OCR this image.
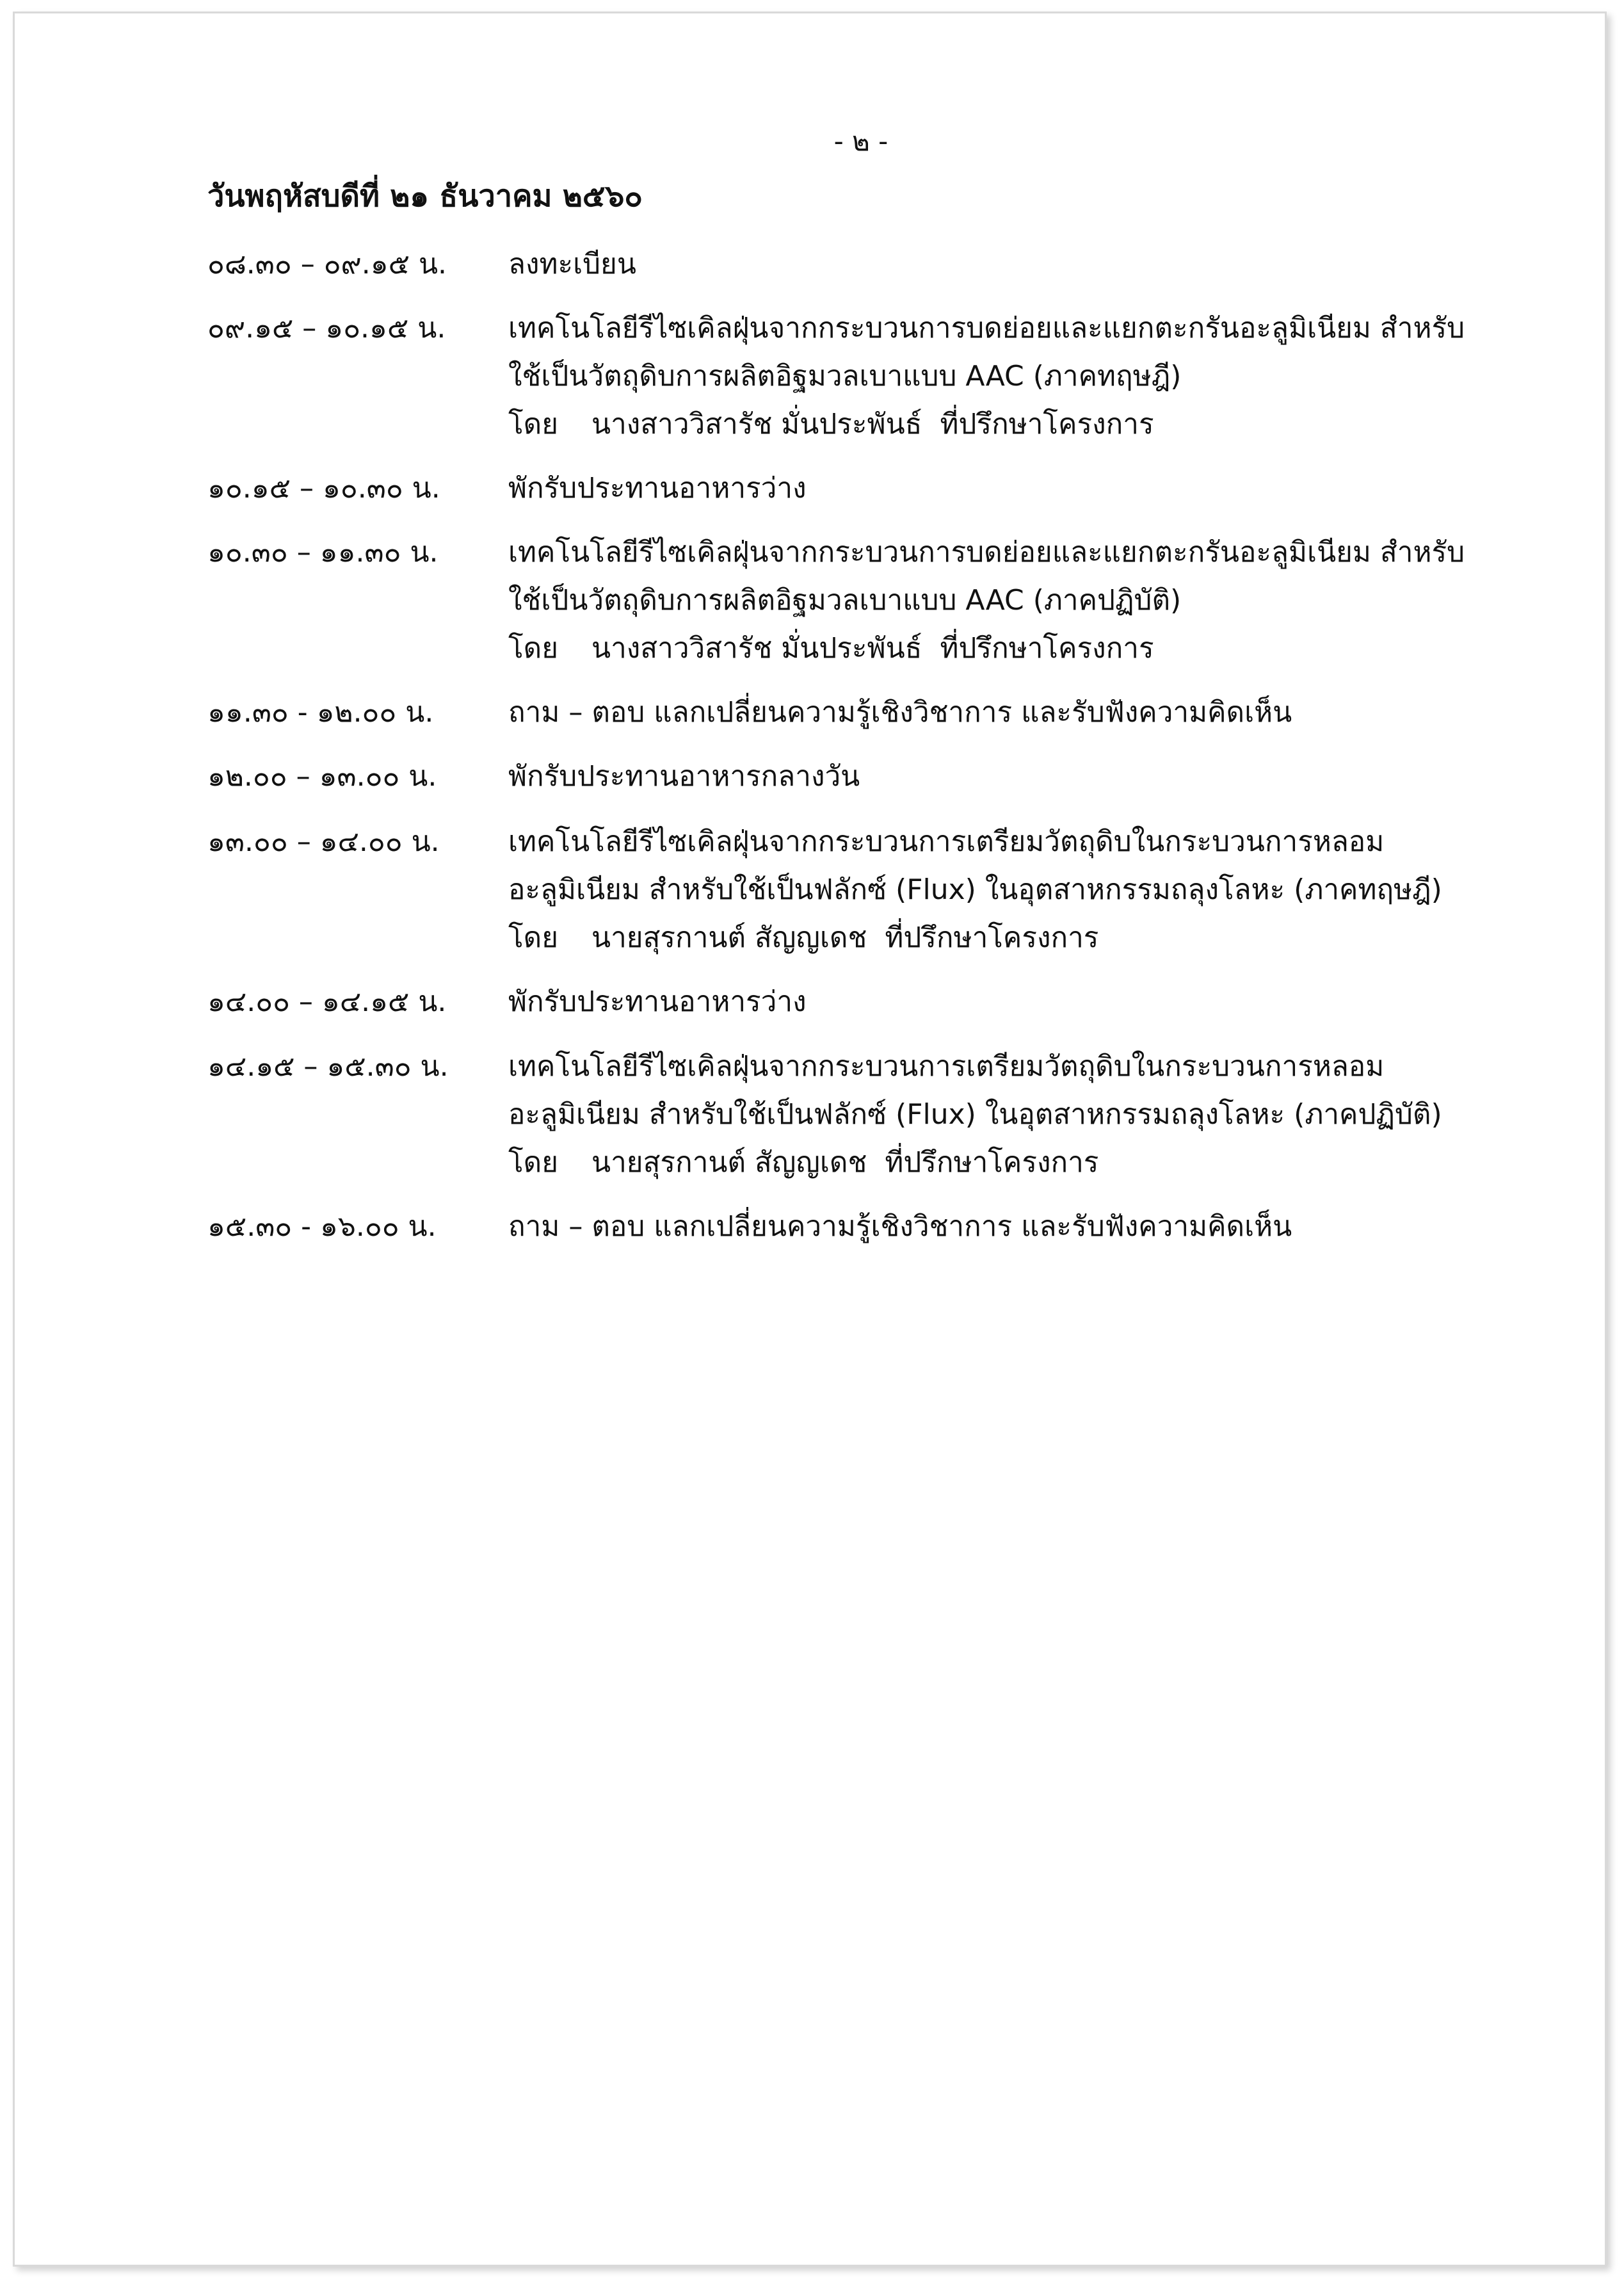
- ๒ -
วันพฤหัสบดีที่ ๒๑ ธันวาคม ๒๕๖๐
๐๘.๓๐ – ๐๙.๑๕ น.	ลงทะเบียน
๐๙.๑๕ – ๑๐.๑๕ น.	เทคโนโลยีรีไซเคิลฝุ่นจากกระบวนการบดย่อยและแยกตะกรันอะลูมิเนียม สำหรับ
ใช้เป็นวัตถุดิบการผลิตอิฐมวลเบาแบบ AAC (ภาคทฤษฎี)
โดย นางสาววิสารัช มั่นประพันธ์ ที่ปรึกษาโครงการ
๑๐.๑๕ – ๑๐.๓๐ น.	พักรับประทานอาหารว่าง
๑๐.๓๐ – ๑๑.๓๐ น.	เทคโนโลยีรีไซเคิลฝุ่นจากกระบวนการบดย่อยและแยกตะกรันอะลูมิเนียม สำหรับ
ใช้เป็นวัตถุดิบการผลิตอิฐมวลเบาแบบ AAC (ภาคปฏิบัติ)
โดย นางสาววิสารัช มั่นประพันธ์ ที่ปรึกษาโครงการ
๑๑.๓๐ - ๑๒.๐๐ น.	ถาม – ตอบ แลกเปลี่ยนความรู้เชิงวิชาการ และรับฟังความคิดเห็น
๑๒.๐๐ – ๑๓.๐๐ น.	พักรับประทานอาหารกลางวัน
๑๓.๐๐ – ๑๔.๐๐ น.	เทคโนโลยีรีไซเคิลฝุ่นจากกระบวนการเตรียมวัตถุดิบในกระบวนการหลอม
อะลูมิเนียม สำหรับใช้เป็นฟลักซ์ (Flux) ในอุตสาหกรรมถลุงโลหะ (ภาคทฤษฎี)
โดย นายสุรกานต์ สัญญเดช ที่ปรึกษาโครงการ
๑๔.๐๐ – ๑๔.๑๕ น.	พักรับประทานอาหารว่าง
๑๔.๑๕ – ๑๕.๓๐ น.	เทคโนโลยีรีไซเคิลฝุ่นจากกระบวนการเตรียมวัตถุดิบในกระบวนการหลอม
อะลูมิเนียม สำหรับใช้เป็นฟลักซ์ (Flux) ในอุตสาหกรรมถลุงโลหะ (ภาคปฏิบัติ)
โดย นายสุรกานต์ สัญญเดช ที่ปรึกษาโครงการ
๑๕.๓๐ - ๑๖.๐๐ น.	ถาม – ตอบ แลกเปลี่ยนความรู้เชิงวิชาการ และรับฟังความคิดเห็น
